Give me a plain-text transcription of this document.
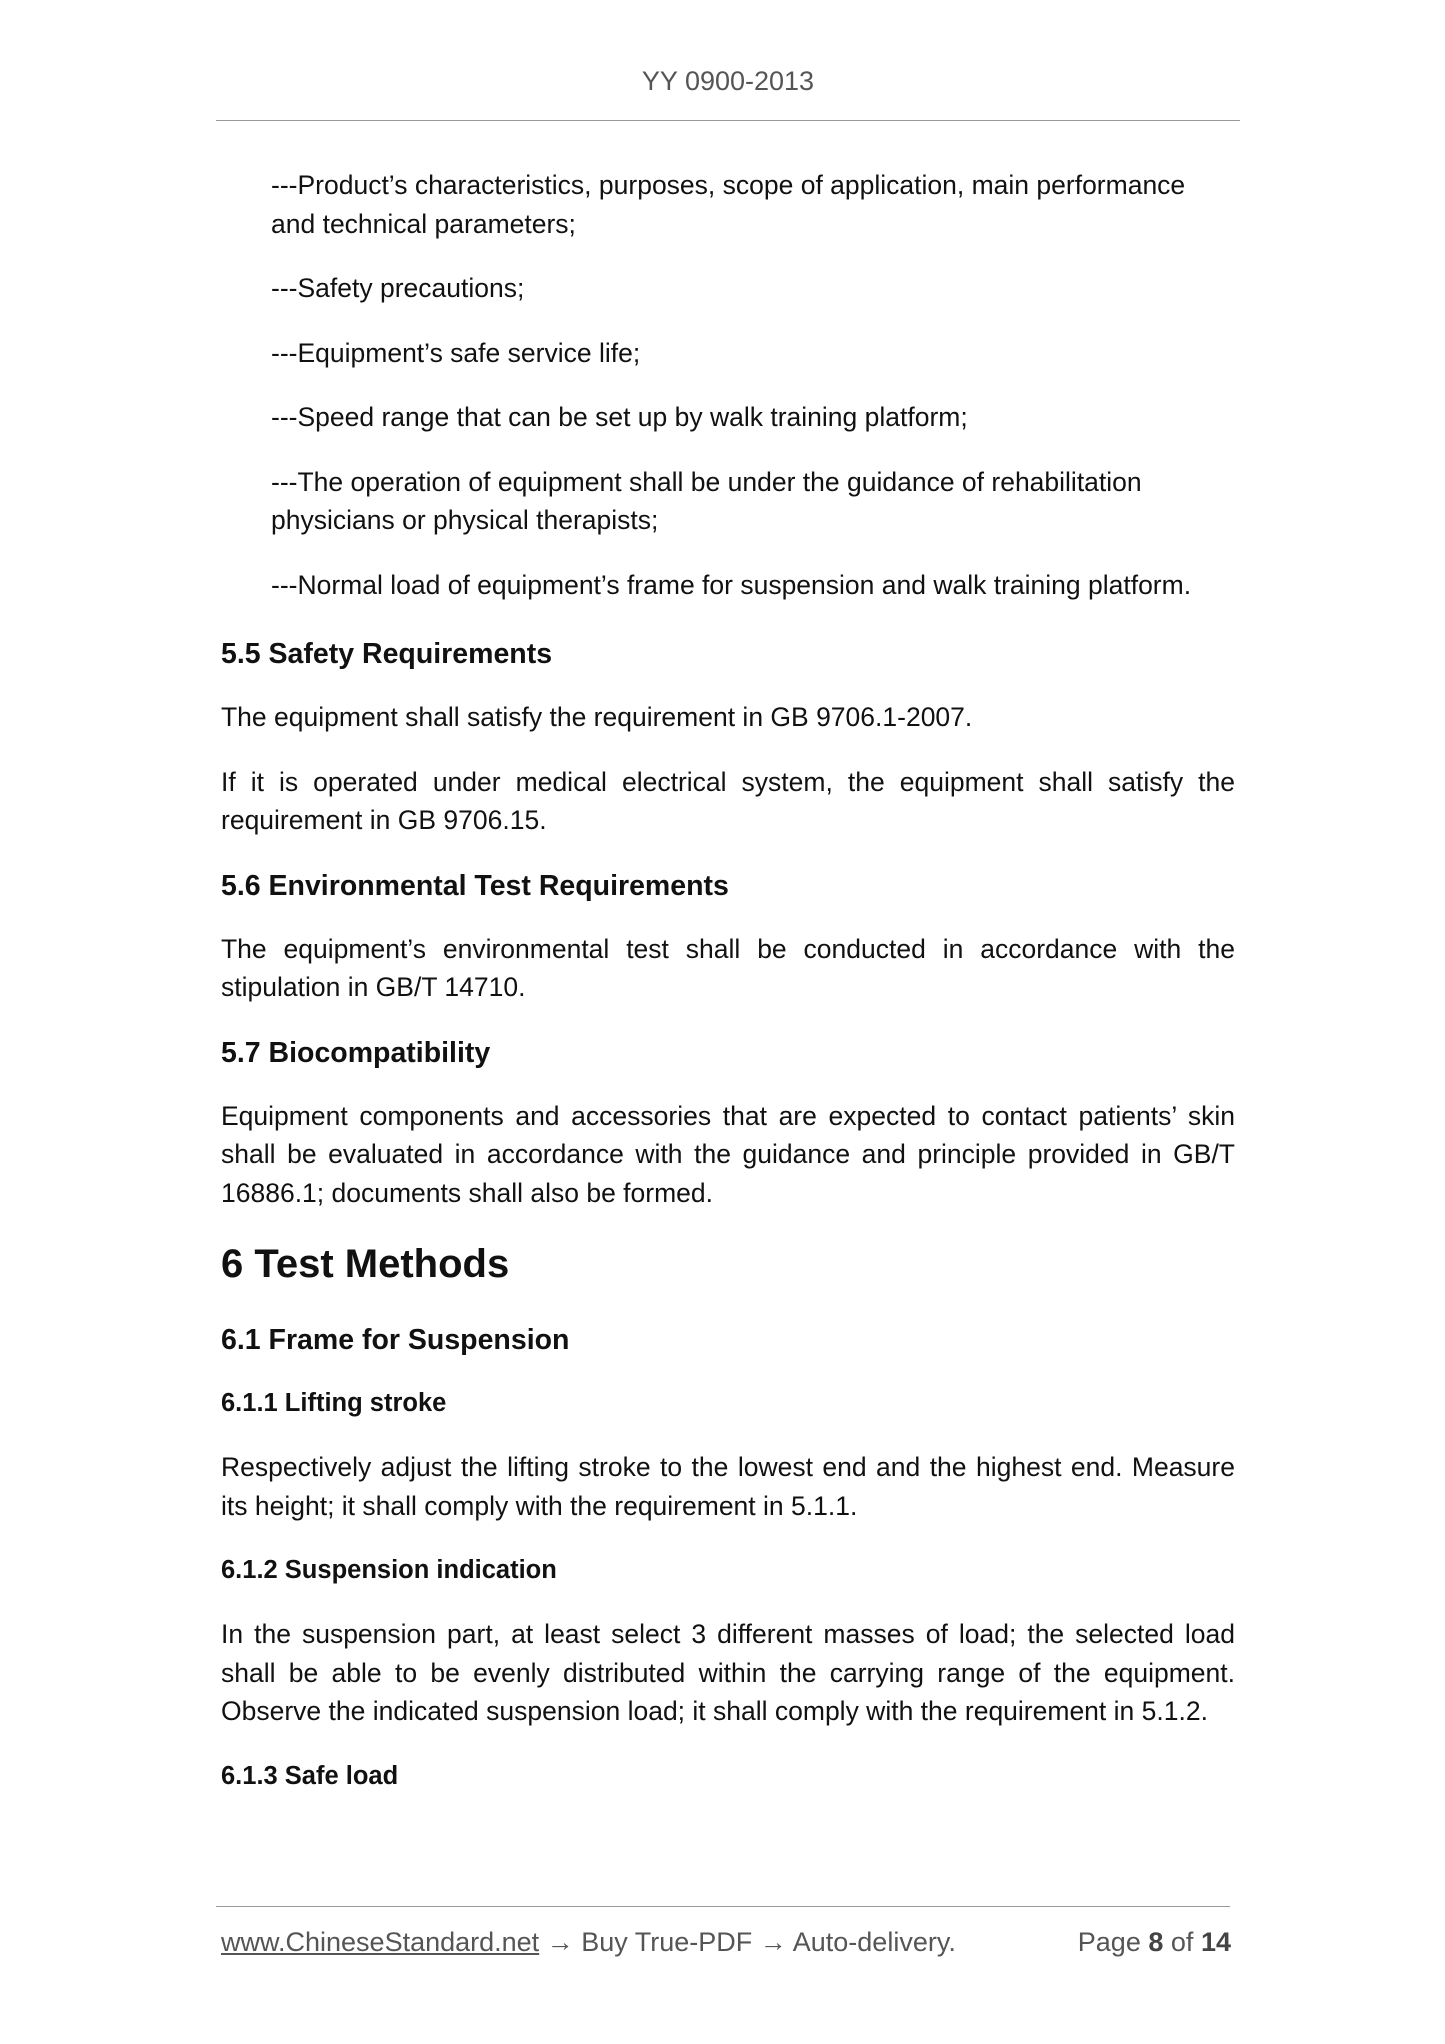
YY 0900-2013
---Product’s characteristics, purposes, scope of application, main performance
and technical parameters;
---Safety precautions;
---Equipment’s safe service life;
---Speed range that can be set up by walk training platform;
---The operation of equipment shall be under the guidance of rehabilitation
physicians or physical therapists;
---Normal load of equipment’s frame for suspension and walk training platform.
5.5 Safety Requirements

The equipment shall satisfy the requirement in GB 9706.1-2007.

If it is operated under medical electrical system, the equipment shall satisfy the requirement in GB 9706.15.

5.6 Environmental Test Requirements

The equipment’s environmental test shall be conducted in accordance with the stipulation in GB/T 14710.

5.7 Biocompatibility

Equipment components and accessories that are expected to contact patients’ skin shall be evaluated in accordance with the guidance and principle provided in GB/T 16886.1; documents shall also be formed.

6 Test Methods
6.1 Frame for Suspension
6.1.1 Lifting stroke

Respectively adjust the lifting stroke to the lowest end and the highest end. Measure its height; it shall comply with the requirement in 5.1.1.

6.1.2 Suspension indication

In the suspension part, at least select 3 different masses of load; the selected load shall be able to be evenly distributed within the carrying range of the equipment. Observe the indicated suspension load; it shall comply with the requirement in 5.1.2.

6.1.3 Safe load
www.ChineseStandard.net → Buy True-PDF → Auto-delivery.	Page 8 of 14
